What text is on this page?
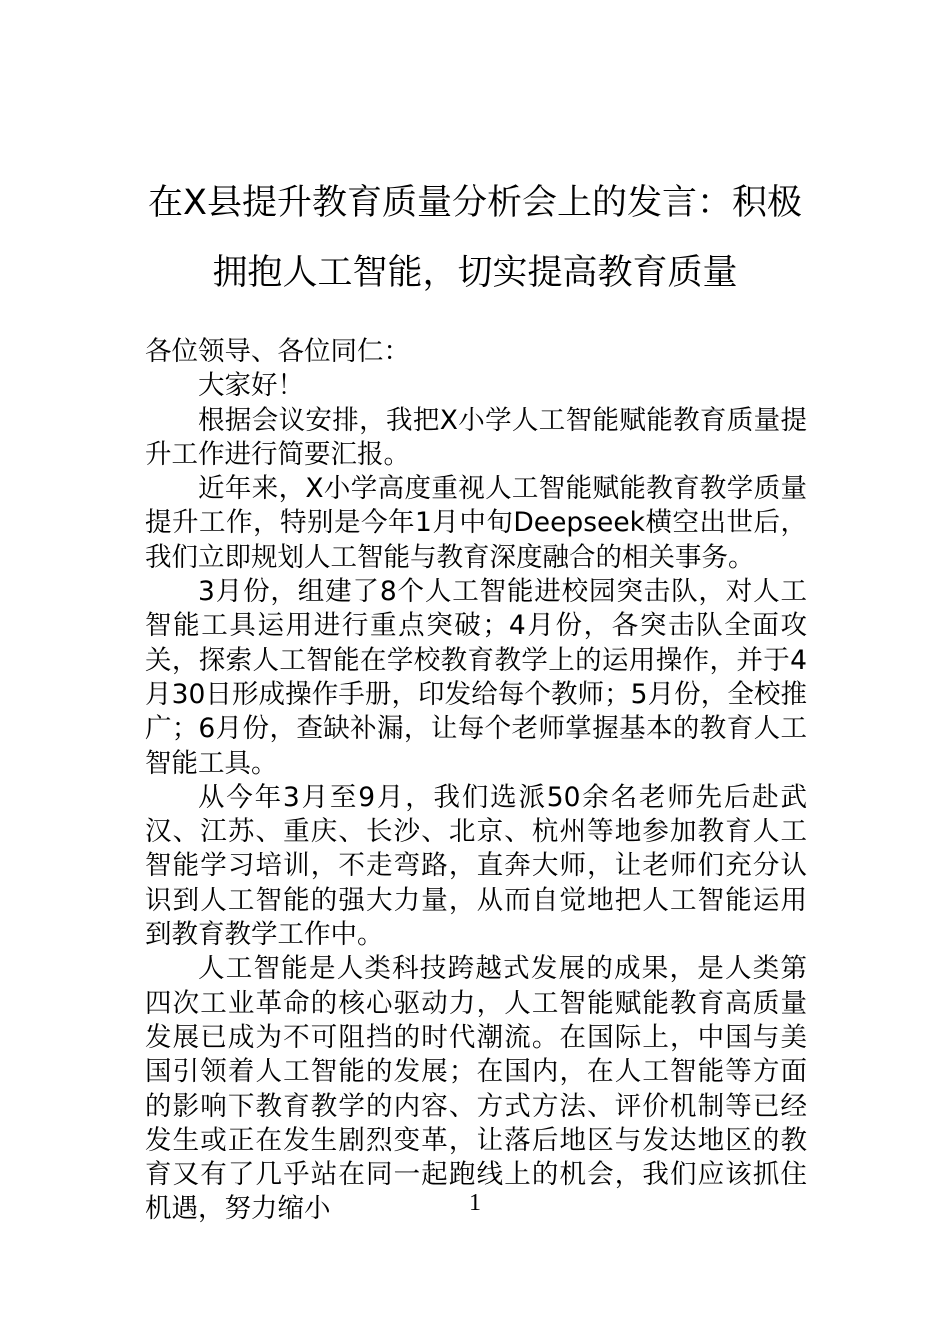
在X县提升教育质量分析会上的发言：积极拥抱人工智能，切实提高教育质量

各位领导、各位同仁：

大家好！

根据会议安排，我把X小学人工智能赋能教育质量提升工作进行简要汇报。

近年来，X小学高度重视人工智能赋能教育教学质量提升工作，特别是今年1月中旬Deepseek横空出世后，我们立即规划人工智能与教育深度融合的相关事务。

3月份，组建了8个人工智能进校园突击队，对人工智能工具运用进行重点突破；4月份，各突击队全面攻关，探索人工智能在学校教育教学上的运用操作，并于4月30日形成操作手册，印发给每个教师；5月份，全校推广；6月份，查缺补漏，让每个老师掌握基本的教育人工智能工具。

从今年3月至9月，我们选派50余名老师先后赴武汉、江苏、重庆、长沙、北京、杭州等地参加教育人工智能学习培训，不走弯路，直奔大师，让老师们充分认识到人工智能的强大力量，从而自觉地把人工智能运用到教育教学工作中。

人工智能是人类科技跨越式发展的成果，是人类第四次工业革命的核心驱动力，人工智能赋能教育高质量发展已成为不可阻挡的时代潮流。在国际上，中国与美国引领着人工智能的发展；在国内，在人工智能等方面的影响下教育教学的内容、方式方法、评价机制等已经发生或正在发生剧烈变革，让落后地区与发达地区的教育又有了几乎站在同一起跑线上的机会，我们应该抓住机遇，努力缩小	1
